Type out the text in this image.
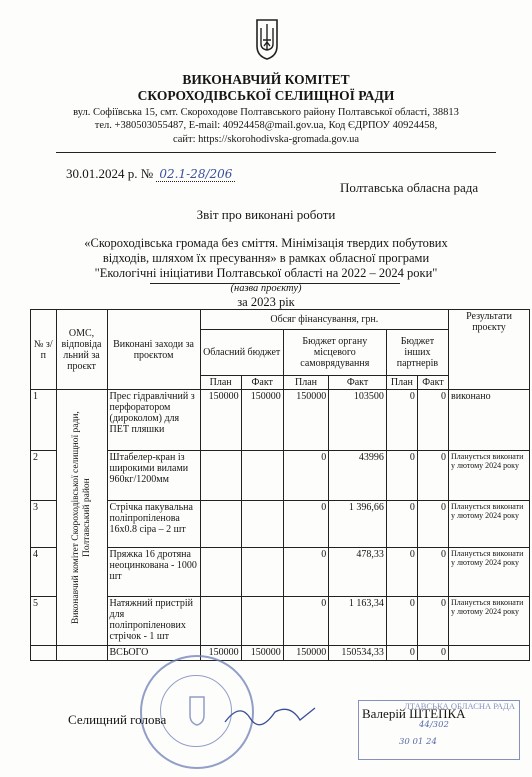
ВИКОНАВЧИЙ КОМІТЕТ
СКОРОХОДІВСЬКОЇ СЕЛИЩНОЇ РАДИ
вул. Софіївська 15, смт. Скороходове Полтавського району Полтавської області, 38813
тел. +380503055487, E-mail: 40924458@mail.gov.ua, Код ЄДРПОУ 40924458,
сайт: https://skorohodivska-gromada.gov.ua
30.01.2024 р. № 02.1-28/206
Полтавська обласна рада
Звіт про виконані роботи
«Скороходівська громада без сміття. Мінімізація твердих побутових
відходів, шляхом їх пресування» в рамках обласної програми
"Екологічні ініціативи Полтавської області на 2022 – 2024 роки"
(назва проєкту)
за 2023 рік
№ з/ п	ОМС, відповіда льний за проєкт	Виконані заходи за проєктом	Обсяг фінансування, грн.						Результати проєкту
			Обласний бюджет		Бюджет органу місцевого самоврядування		Бюджет інших партнерів		
			План	Факт	План	Факт	План	Факт	
1	Виконавчий комітет Скороходівської селищної ради, Полтавський район	Прес гідравлічний з перфоратором (дироколом) для ПЕТ пляшки	150000	150000	150000	103500	0	0	виконано
2		Штабелер-кран із широкими вилами 960кг/1200мм			0	43996	0	0	Планується виконати у лютому 2024 року
3		Стрічка пакувальна поліпропіленова 16х0.8 сіра – 2 шт			0	1 396,66	0	0	Планується виконати у лютому 2024 року
4		Пряжка 16 дротяна неоцинкована - 1000 шт			0	478,33	0	0	Планується виконати у лютому 2024 року
5		Натяжний пристрій для поліпропіленових стрічок - 1 шт			0	1 163,34	0	0	Планується виконати у лютому 2024 року
		ВСЬОГО	150000	150000	150000	150534,33	0	0	
Селищний голова	Валерій ШТЕПКА
ЛТАВСЬКА ОБЛАСНА РАДА
44/302
30 01 24
